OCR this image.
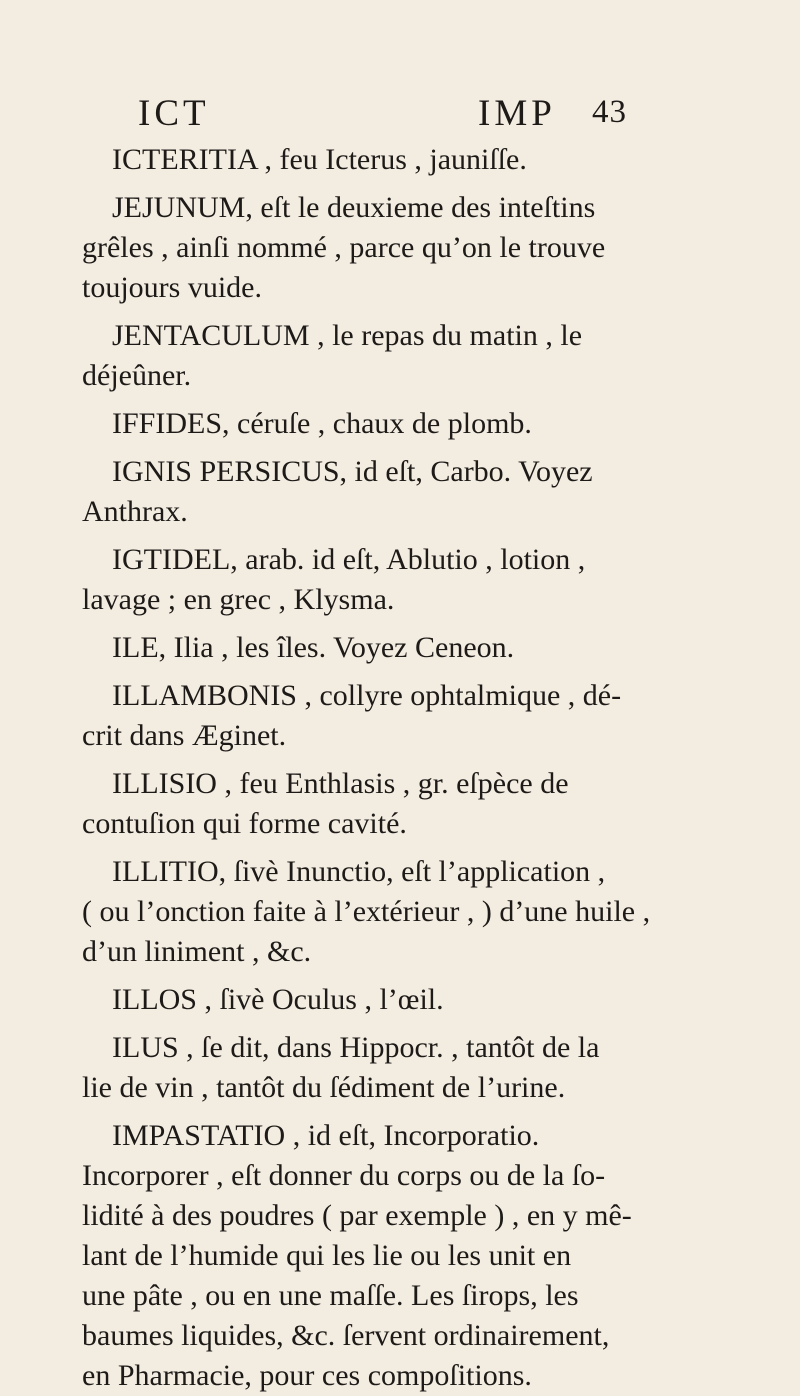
ICT	IMP 43
ICTERITIA , feu Icterus , jauniſſe.
JEJUNUM, eſt le deuxieme des inteſtins
grêles , ainſi nommé , parce qu’on le trouve
toujours vuide.
JENTACULUM , le repas du matin , le
déjeûner.
IFFIDES, céruſe , chaux de plomb.
IGNIS PERSICUS, id eſt, Carbo. Voyez
Anthrax.
IGTIDEL, arab. id eſt, Ablutio , lotion ,
lavage ; en grec , Klysma.
ILE, Ilia , les îles. Voyez Ceneon.
ILLAMBONIS , collyre ophtalmique , dé-
crit dans Æginet.
ILLISIO , feu Enthlasis , gr. eſpèce de
contuſion qui forme cavité.
ILLITIO, ſivè Inunctio, eſt l’application ,
( ou l’onction faite à l’extérieur , ) d’une huile ,
d’un liniment , &c.
ILLOS , ſivè Oculus , l’œil.
ILUS , ſe dit, dans Hippocr. , tantôt de la
lie de vin , tantôt du ſédiment de l’urine.
IMPASTATIO , id eſt, Incorporatio.
Incorporer , eſt donner du corps ou de la ſo-
lidité à des poudres ( par exemple ) , en y mê-
lant de l’humide qui les lie ou les unit en
une pâte , ou en une maſſe. Les ſirops, les
baumes liquides, &c. ſervent ordinairement,
en Pharmacie, pour ces compoſitions.
